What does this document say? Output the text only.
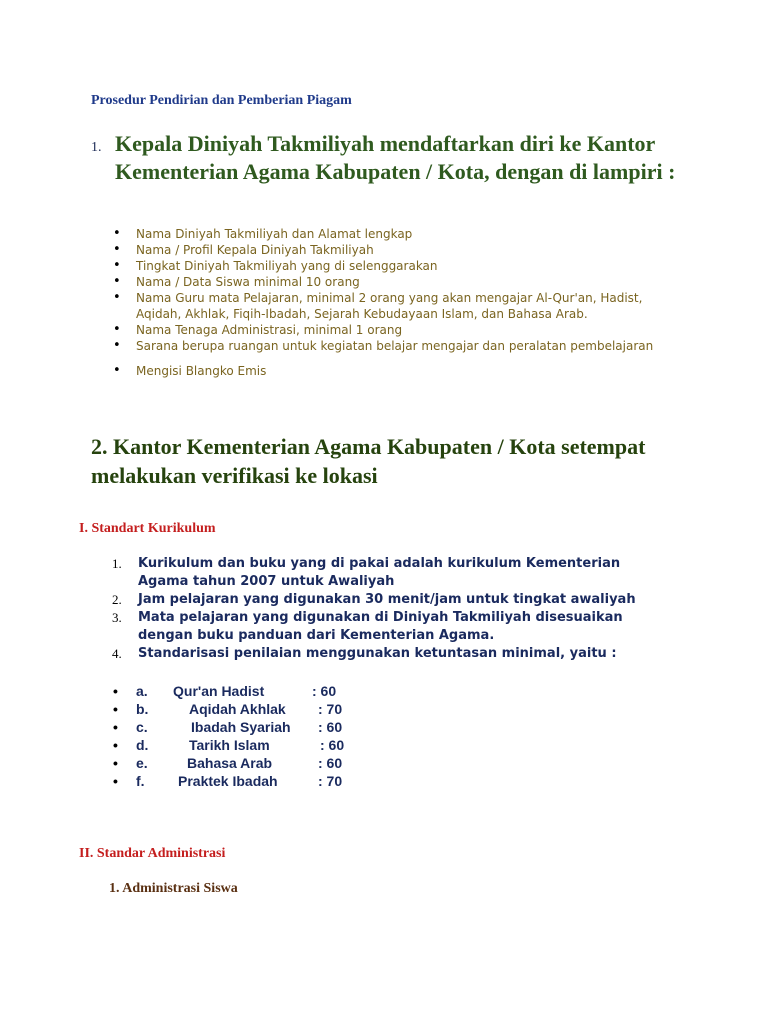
Prosedur Pendirian dan Pemberian Piagam
1. Kepala Diniyah Takmiliyah mendaftarkan diri ke Kantor Kementerian Agama Kabupaten / Kota, dengan di lampiri :
• Nama Diniyah Takmiliyah dan Alamat lengkap
• Nama / Profil Kepala Diniyah Takmiliyah
• Tingkat Diniyah Takmiliyah yang di selenggarakan
• Nama / Data Siswa minimal 10 orang
• Nama Guru mata Pelajaran, minimal 2 orang yang akan mengajar Al-Qur'an, Hadist, Aqidah, Akhlak, Fiqih-Ibadah, Sejarah Kebudayaan Islam, dan Bahasa Arab.
• Nama Tenaga Administrasi, minimal 1 orang
• Sarana berupa ruangan untuk kegiatan belajar mengajar dan peralatan pembelajaran
• Mengisi Blangko Emis
2. Kantor Kementerian Agama Kabupaten / Kota setempat melakukan verifikasi ke lokasi
I. Standart Kurikulum
1. Kurikulum dan buku yang di pakai adalah kurikulum Kementerian Agama tahun 2007 untuk Awaliyah
2. Jam pelajaran yang digunakan 30 menit/jam untuk tingkat awaliyah
3. Mata pelajaran yang digunakan di Diniyah Takmiliyah disesuaikan dengan buku panduan dari Kementerian Agama.
4. Standarisasi penilaian menggunakan ketuntasan minimal, yaitu :
• a. Qur'an Hadist	: 60
• b.	Aqidah Akhlak : 70
• c.	Ibadah Syariah : 60
• d.	Tarikh Islam	: 60
• e.	Bahasa Arab	: 60
• f. Praktek Ibadah	: 70
II. Standar Administrasi
1. Administrasi Siswa
